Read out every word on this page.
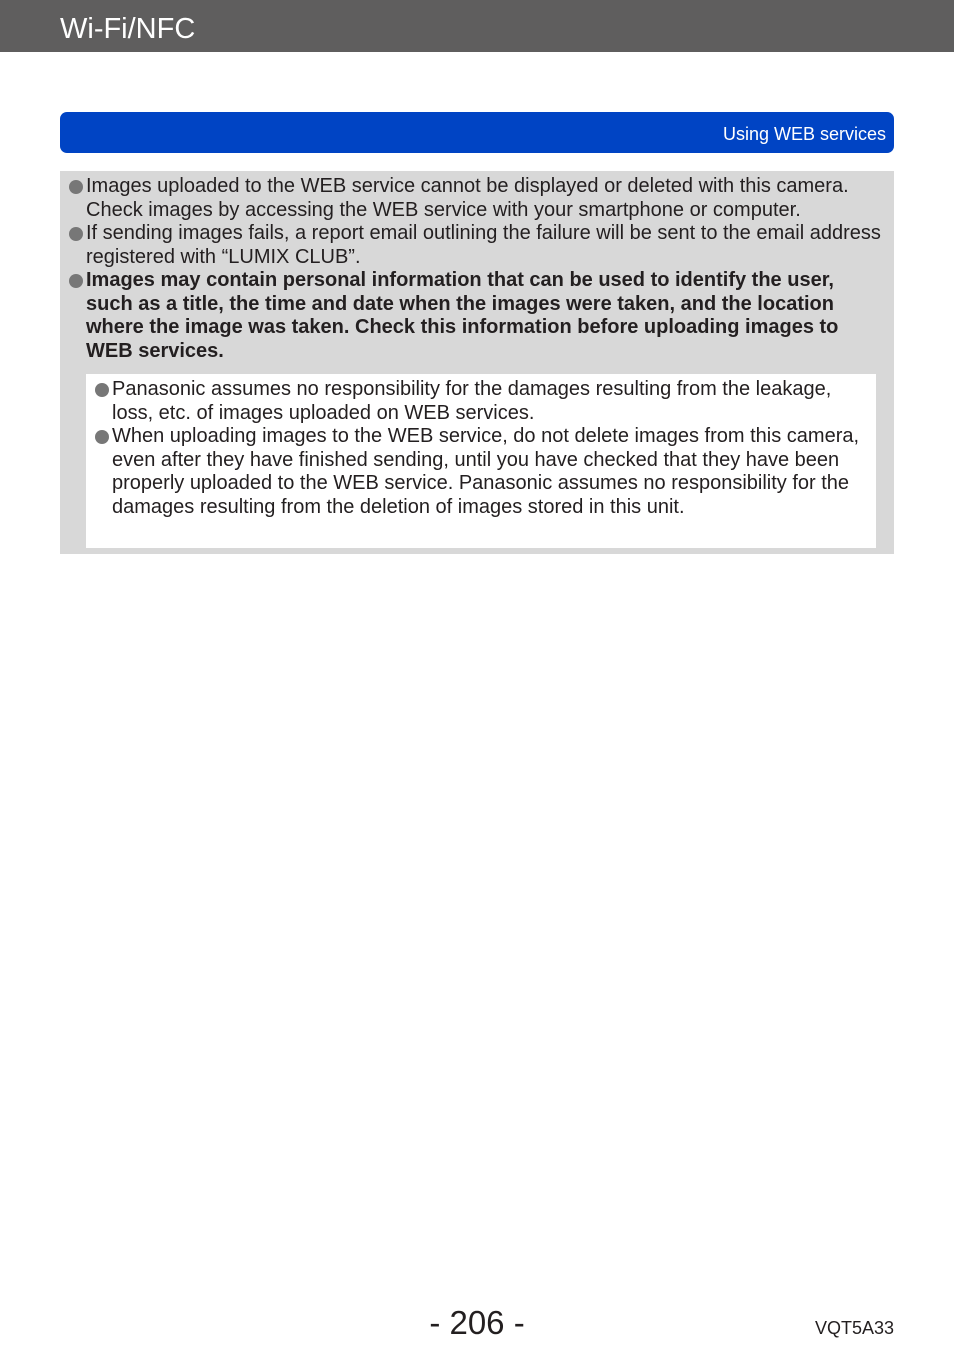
Wi-Fi/NFC
Using WEB services
Images uploaded to the WEB service cannot be displayed or deleted with this camera. Check images by accessing the WEB service with your smartphone or computer.
If sending images fails, a report email outlining the failure will be sent to the email address registered with “LUMIX CLUB”.
Images may contain personal information that can be used to identify the user, such as a title, the time and date when the images were taken, and the location where the image was taken. Check this information before uploading images to WEB services.
Panasonic assumes no responsibility for the damages resulting from the leakage, loss, etc. of images uploaded on WEB services.
When uploading images to the WEB service, do not delete images from this camera, even after they have finished sending, until you have checked that they have been properly uploaded to the WEB service. Panasonic assumes no responsibility for the damages resulting from the deletion of images stored in this unit.
- 206 -	VQT5A33
